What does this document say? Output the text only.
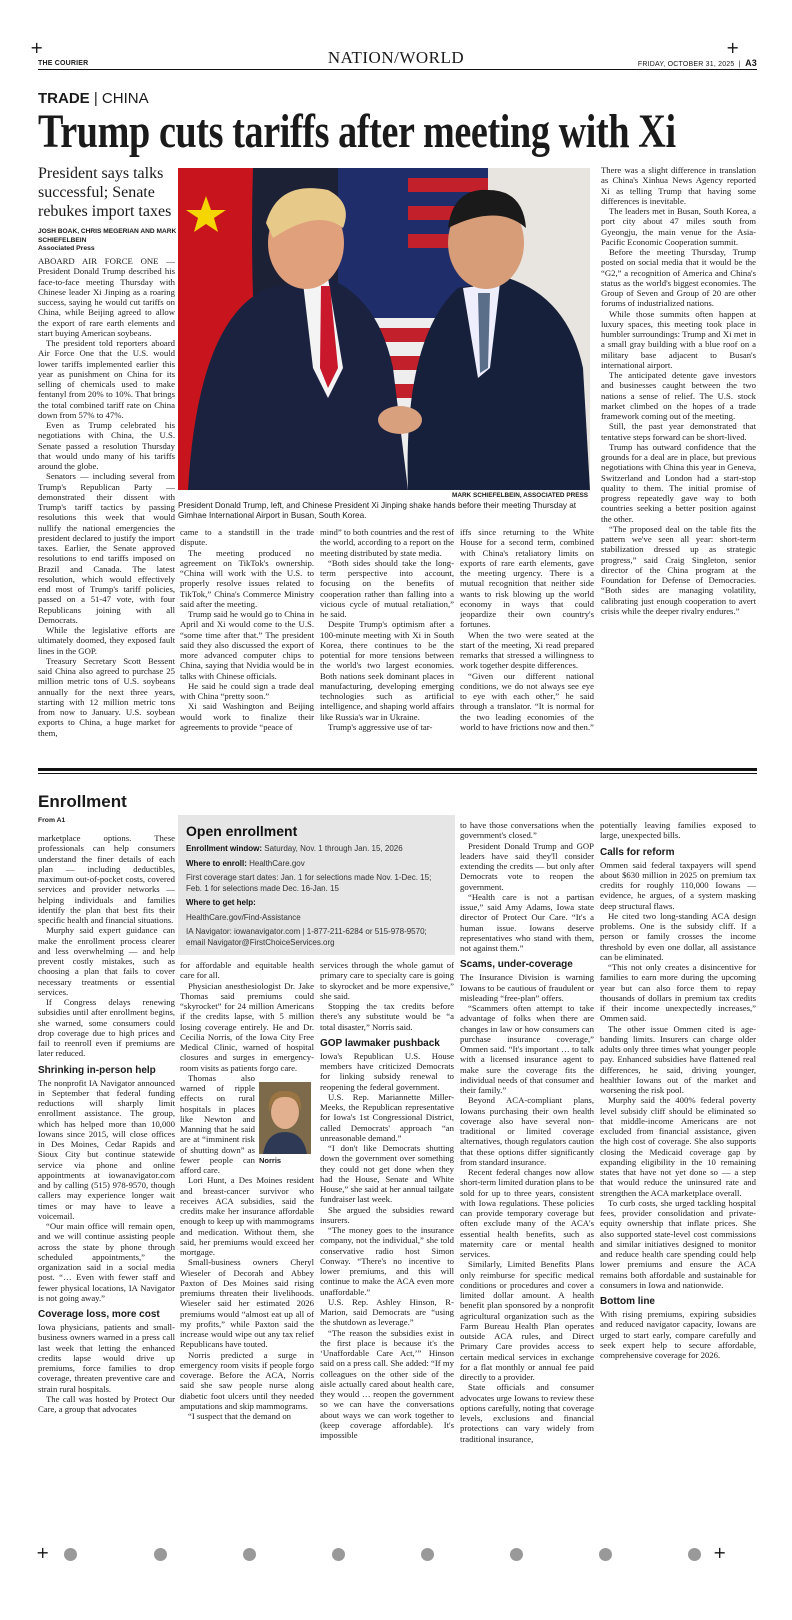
+	+
+	+
THE COURIER	NATION/WORLD	FRIDAY, OCTOBER 31, 2025  |  A3
TRADE | CHINA
Trump cuts tariffs after meeting with Xi
President says talks successful; Senate rebukes import taxes
JOSH BOAK, CHRIS MEGERIAN AND MARK SCHIEFELBEIN
Associated Press
MARK SCHIEFELBEIN, ASSOCIATED PRESS
President Donald Trump, left, and Chinese President Xi Jinping shake hands before their meeting Thursday at Gimhae International Airport in Busan, South Korea.

ABOARD AIR FORCE ONE — President Donald Trump described his face-to-face meeting Thursday with Chinese leader Xi Jinping as a roaring success, saying he would cut tariffs on China, while Beijing agreed to allow the export of rare earth elements and start buying American soybeans.

The president told reporters aboard Air Force One that the U.S. would lower tariffs implemented earlier this year as punishment on China for its selling of chemicals used to make fentanyl from 20% to 10%. That brings the total combined tariff rate on China down from 57% to 47%.

Even as Trump celebrated his negotiations with China, the U.S. Senate passed a resolution Thursday that would undo many of his tariffs around the globe.

Senators — including several from Trump's Republican Party — demonstrated their dissent with Trump's tariff tactics by passing resolutions this week that would nullify the national emergencies the president declared to justify the import taxes. Earlier, the Senate approved resolutions to end tariffs imposed on Brazil and Canada. The latest resolution, which would effectively end most of Trump's tariff policies, passed on a 51-47 vote, with four Republicans joining with all Democrats.

While the legislative efforts are ultimately doomed, they exposed fault lines in the GOP.

Treasury Secretary Scott Bessent said China also agreed to purchase 25 million metric tons of U.S. soybeans annually for the next three years, starting with 12 million metric tons from now to January. U.S. soybean exports to China, a huge market for them,

came to a standstill in the trade dispute.

The meeting produced no agreement on TikTok's ownership. “China will work with the U.S. to properly resolve issues related to TikTok,” China's Commerce Ministry said after the meeting.

Trump said he would go to China in April and Xi would come to the U.S. “some time after that.” The president said they also discussed the export of more advanced computer chips to China, saying that Nvidia would be in talks with Chinese officials.

He said he could sign a trade deal with China “pretty soon.”

Xi said Washington and Beijing would work to finalize their agreements to provide “peace of

mind” to both countries and the rest of the world, according to a report on the meeting distributed by state media.

“Both sides should take the long-term perspective into account, focusing on the benefits of cooperation rather than falling into a vicious cycle of mutual retaliation,” he said.

Despite Trump's optimism after a 100-minute meeting with Xi in South Korea, there continues to be the potential for more tensions between the world's two largest economies. Both nations seek dominant places in manufacturing, developing emerging technologies such as artificial intelligence, and shaping world affairs like Russia's war in Ukraine.

Trump's aggressive use of tar-

iffs since returning to the White House for a second term, combined with China's retaliatory limits on exports of rare earth elements, gave the meeting urgency. There is a mutual recognition that neither side wants to risk blowing up the world economy in ways that could jeopardize their own country's fortunes.

When the two were seated at the start of the meeting, Xi read prepared remarks that stressed a willingness to work together despite differences.

“Given our different national conditions, we do not always see eye to eye with each other,” he said through a translator. “It is normal for the two leading economies of the world to have frictions now and then.”

There was a slight difference in translation as China's Xinhua News Agency reported Xi as telling Trump that having some differences is inevitable.

The leaders met in Busan, South Korea, a port city about 47 miles south from Gyeongju, the main venue for the Asia-Pacific Economic Cooperation summit.

Before the meeting Thursday, Trump posted on social media that it would be the “G2,” a recognition of America and China's status as the world's biggest economies. The Group of Seven and Group of 20 are other forums of industrialized nations.

While those summits often happen at luxury spaces, this meeting took place in humbler surroundings: Trump and Xi met in a small gray building with a blue roof on a military base adjacent to Busan's international airport.

The anticipated detente gave investors and businesses caught between the two nations a sense of relief. The U.S. stock market climbed on the hopes of a trade framework coming out of the meeting.

Still, the past year demonstrated that tentative steps forward can be short-lived.

Trump has outward confidence that the grounds for a deal are in place, but previous negotiations with China this year in Geneva, Switzerland and London had a start-stop quality to them. The initial promise of progress repeatedly gave way to both countries seeking a better position against the other.

“The proposed deal on the table fits the pattern we've seen all year: short-term stabilization dressed up as strategic progress,” said Craig Singleton, senior director of the China program at the Foundation for Defense of Democracies. “Both sides are managing volatility, calibrating just enough cooperation to avert crisis while the deeper rivalry endures.”

Enrollment
From A1
Open enrollment
Enrollment window: Saturday, Nov. 1 through Jan. 15, 2026
Where to enroll: HealthCare.gov
First coverage start dates: Jan. 1 for selections made Nov. 1-Dec. 15; Feb. 1 for selections made Dec. 16-Jan. 15
Where to get help:
HealthCare.gov/Find-Assistance
IA Navigator: iowanavigator.com | 1-877-211-6284 or 515-978-9570; email Navigator@FirstChoiceServices.org

marketplace options. These professionals can help consumers understand the finer details of each plan — including deductibles, maximum out-of-pocket costs, covered services and provider networks — helping individuals and families identify the plan that best fits their specific health and financial situations.

Murphy said expert guidance can make the enrollment process clearer and less overwhelming — and help prevent costly mistakes, such as choosing a plan that fails to cover necessary treatments or essential services.

If Congress delays renewing subsidies until after enrollment begins, she warned, some consumers could drop coverage due to high prices and fail to reenroll even if premiums are later reduced.

Shrinking in-person help

The nonprofit IA Navigator announced in September that federal funding reductions will sharply limit enrollment assistance. The group, which has helped more than 10,000 Iowans since 2015, will close offices in Des Moines, Cedar Rapids and Sioux City but continue statewide service via phone and online appointments at iowanavigator.com and by calling (515) 978-9570, though callers may experience longer wait times or may have to leave a voicemail.

“Our main office will remain open, and we will continue assisting people across the state by phone through scheduled appointments,” the organization said in a social media post. “… Even with fewer staff and fewer physical locations, IA Navigator is not going away.”

Coverage loss, more cost

Iowa physicians, patients and small-business owners warned in a press call last week that letting the enhanced credits lapse would drive up premiums, force families to drop coverage, threaten preventive care and strain rural hospitals.

The call was hosted by Protect Our Care, a group that advocates

Norris

for affordable and equitable health care for all.

Physician anesthesiologist Dr. Jake Thomas said premiums could “skyrocket” for 24 million Americans if the credits lapse, with 5 million losing coverage entirely. He and Dr. Cecilia Norris, of the Iowa City Free Medical Clinic, warned of hospital closures and surges in emergency-room visits as patients forgo care.

Thomas also warned of ripple effects on rural hospitals in places like Newton and Manning that he said are at “imminent risk of shutting down” as fewer people can afford care.

Lori Hunt, a Des Moines resident and breast-cancer survivor who receives ACA subsidies, said the credits make her insurance affordable enough to keep up with mammograms and medication. Without them, she said, her premiums would exceed her mortgage.

Small-business owners Cheryl Wieseler of Decorah and Abbey Paxton of Des Moines said rising premiums threaten their livelihoods. Wieseler said her estimated 2026 premiums would “almost eat up all of my profits,” while Paxton said the increase would wipe out any tax relief Republicans have touted.

Norris predicted a surge in emergency room visits if people forgo coverage. Before the ACA, Norris said she saw people nurse along diabetic foot ulcers until they needed amputations and skip mammograms.

“I suspect that the demand on

services through the whole gamut of primary care to specialty care is going to skyrocket and be more expensive,” she said.

Stopping the tax credits before there's any substitute would be “a total disaster,” Norris said.

GOP lawmaker pushback

Iowa's Republican U.S. House members have criticized Democrats for linking subsidy renewal to reopening the federal government.

U.S. Rep. Mariannette Miller-Meeks, the Republican representative for Iowa's 1st Congressional District, called Democrats' approach “an unreasonable demand.”

“I don't like Democrats shutting down the government over something they could not get done when they had the House, Senate and White House,” she said at her annual tailgate fundraiser last week.

She argued the subsidies reward insurers.

“The money goes to the insurance company, not the individual,” she told conservative radio host Simon Conway. “There's no incentive to lower premiums, and this will continue to make the ACA even more unaffordable.”

U.S. Rep. Ashley Hinson, R-Marion, said Democrats are “using the shutdown as leverage.”

“The reason the subsidies exist in the first place is because it's the ‘Unaffordable Care Act,’” Hinson said on a press call. She added: “If my colleagues on the other side of the aisle actually cared about health care, they would … reopen the government so we can have the conversations about ways we can work together to (keep coverage affordable). It's impossible

to have those conversations when the government's closed.”

President Donald Trump and GOP leaders have said they'll consider extending the credits — but only after Democrats vote to reopen the government.

“Health care is not a partisan issue,” said Amy Adams, Iowa state director of Protect Our Care. “It's a human issue. Iowans deserve representatives who stand with them, not against them.”

Scams, under-coverage

The Insurance Division is warning Iowans to be cautious of fraudulent or misleading “free-plan” offers.

“Scammers often attempt to take advantage of folks when there are changes in law or how consumers can purchase insurance coverage,” Ommen said. “It's important … to talk with a licensed insurance agent to make sure the coverage fits the individual needs of that consumer and their family.”

Beyond ACA-compliant plans, Iowans purchasing their own health coverage also have several non-traditional or limited coverage alternatives, though regulators caution that these options differ significantly from standard insurance.

Recent federal changes now allow short-term limited duration plans to be sold for up to three years, consistent with Iowa regulations. These policies can provide temporary coverage but often exclude many of the ACA's essential health benefits, such as maternity care or mental health services.

Similarly, Limited Benefits Plans only reimburse for specific medical conditions or procedures and cover a limited dollar amount. A health benefit plan sponsored by a nonprofit agricultural organization such as the Farm Bureau Health Plan operates outside ACA rules, and Direct Primary Care provides access to certain medical services in exchange for a flat monthly or annual fee paid directly to a provider.

State officials and consumer advocates urge Iowans to review these options carefully, noting that coverage levels, exclusions and financial protections can vary widely from traditional insurance,

potentially leaving families exposed to large, unexpected bills.

Calls for reform

Ommen said federal taxpayers will spend about $630 million in 2025 on premium tax credits for roughly 110,000 Iowans — evidence, he argues, of a system masking deep structural flaws.

He cited two long-standing ACA design problems. One is the subsidy cliff. If a person or family crosses the income threshold by even one dollar, all assistance can be eliminated.

“This not only creates a disincentive for families to earn more during the upcoming year but can also force them to repay thousands of dollars in premium tax credits if their income unexpectedly increases,” Ommen said.

The other issue Ommen cited is age-banding limits. Insurers can charge older adults only three times what younger people pay. Enhanced subsidies have flattened real differences, he said, driving younger, healthier Iowans out of the market and worsening the risk pool.

Murphy said the 400% federal poverty level subsidy cliff should be eliminated so that middle-income Americans are not excluded from financial assistance, given the high cost of coverage. She also supports closing the Medicaid coverage gap by expanding eligibility in the 10 remaining states that have not yet done so — a step that would reduce the uninsured rate and strengthen the ACA marketplace overall.

To curb costs, she urged tackling hospital fees, provider consolidation and private-equity ownership that inflate prices. She also supported state-level cost commissions and similar initiatives designed to monitor and reduce health care spending could help lower premiums and ensure the ACA remains both affordable and sustainable for consumers in Iowa and nationwide.

Bottom line

With rising premiums, expiring subsidies and reduced navigator capacity, Iowans are urged to start early, compare carefully and seek expert help to secure affordable, comprehensive coverage for 2026.
